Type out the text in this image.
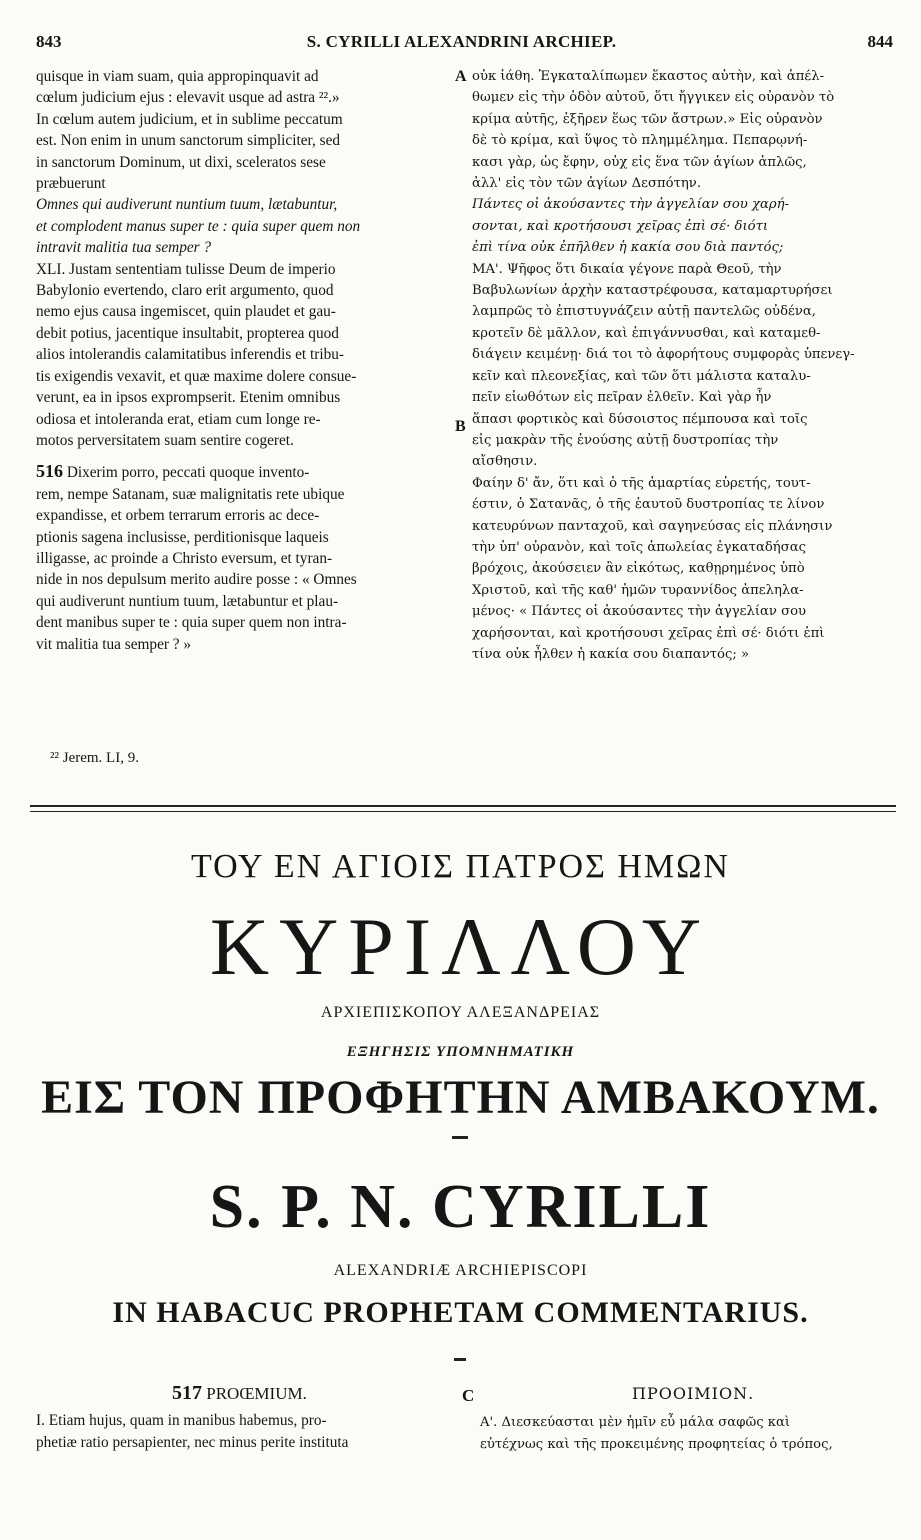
843	S. CYRILLI ALEXANDRINI ARCHIEP.	844
quisque in viam suam, quia appropinquavit ad
cœlum judicium ejus : elevavit usque ad astra ²².»
In cœlum autem judicium, et in sublime peccatum
est. Non enim in unum sanctorum simpliciter, sed
in sanctorum Dominum, ut dixi, sceleratos sese
præbuerunt
Omnes qui audiverunt nuntium tuum, lætabuntur,
et complodent manus super te : quia super quem non
intravit malitia tua semper ?
XLI. Justam sententiam tulisse Deum de imperio
Babylonio evertendo, claro erit argumento, quod
nemo ejus causa ingemiscet, quin plaudet et gau-
debit potius, jacentique insultabit, propterea quod
alios intolerandis calamitatibus inferendis et tribu-
tis exigendis vexavit, et quæ maxime dolere consue-
verunt, ea in ipsos exprompserit. Etenim omnibus
odiosa et intoleranda erat, etiam cum longe re-
motos perversitatem suam sentire cogeret.
516 Dixerim porro, peccati quoque invento-
rem, nempe Satanam, suæ malignitatis rete ubique
expandisse, et orbem terrarum erroris ac dece-
ptionis sagena inclusisse, perditionisque laqueis
illigasse, ac proinde a Christo eversum, et tyran-
nide in nos depulsum merito audire posse : « Omnes
qui audiverunt nuntium tuum, lætabuntur et plau-
dent manibus super te : quia super quem non intra-
vit malitia tua semper ? »
A
B
οὐκ ἰάθη. Ἐγκαταλίπωμεν ἕκαστος αὐτὴν, καὶ ἀπέλ-
θωμεν εἰς τὴν ὁδὸν αὐτοῦ, ὅτι ἤγγικεν εἰς οὐρανὸν τὸ
κρίμα αὐτῆς, ἐξῆρεν ἕως τῶν ἄστρων.» Εἰς οὐρανὸν
δὲ τὸ κρίμα, καὶ ὕψος τὸ πλημμέλημα. Πεπαρῳνή-
κασι γὰρ, ὡς ἔφην, οὐχ εἰς ἕνα τῶν ἁγίων ἁπλῶς,
ἀλλ' εἰς τὸν τῶν ἁγίων Δεσπότην.
Πάντες οἱ ἀκούσαντες τὴν ἀγγελίαν σου χαρή-
σονται, καὶ κροτήσουσι χεῖρας ἐπὶ σέ· διότι
ἐπὶ τίνα οὐκ ἐπῆλθεν ἡ κακία σου διὰ παντός;
ΜΑ'. Ψῆφος ὅτι δικαία γέγονε παρὰ Θεοῦ, τὴν
Βαβυλωνίων ἀρχὴν καταστρέφουσα, καταμαρτυρήσει
λαμπρῶς τὸ ἐπιστυγνάζειν αὐτῇ παντελῶς οὐδένα,
κροτεῖν δὲ μᾶλλον, καὶ ἐπιγάννυσθαι, καὶ καταμεθ-
διάγειν κειμένῃ· διά τοι τὸ ἀφορήτους συμφορὰς ὑπενεγ-
κεῖν καὶ πλεονεξίας, καὶ τῶν ὅτι μάλιστα καταλυ-
πεῖν εἰωθότων εἰς πεῖραν ἐλθεῖν. Καὶ γὰρ ἦν
ἅπασι φορτικὸς καὶ δύσοιστος πέμπουσα καὶ τοῖς
εἰς μακρὰν τῆς ἐνούσης αὐτῇ δυστροπίας τὴν
αἴσθησιν.
Φαίην δ' ἄν, ὅτι καὶ ὁ τῆς ἁμαρτίας εὑρετής, τουτ-
έστιν, ὁ Σατανᾶς, ὁ τῆς ἑαυτοῦ δυστροπίας τε λίνον
κατευρύνων πανταχοῦ, καὶ σαγηνεύσας εἰς πλάνησιν
τὴν ὑπ' οὐρανὸν, καὶ τοῖς ἀπωλείας ἐγκαταδήσας
βρόχοις, ἀκούσειεν ἂν εἰκότως, καθῃρημένος ὑπὸ
Χριστοῦ, καὶ τῆς καθ' ἡμῶν τυραννίδος ἀπεληλα-
μένος· « Πάντες οἱ ἀκούσαντες τὴν ἀγγελίαν σου
χαρήσονται, καὶ κροτήσουσι χεῖρας ἐπὶ σέ· διότι ἐπὶ
τίνα οὐκ ἦλθεν ἡ κακία σου διαπαντός; »
²² Jerem. LI, 9.
ΤΟΥ ΕΝ ΑΓΙΟΙΣ ΠΑΤΡΟΣ ΗΜΩΝ
ΚΥΡΙΛΛΟΥ
ΑΡΧΙΕΠΙΣΚΟΠΟΥ ΑΛΕΞΑΝΔΡΕΙΑΣ
ΕΞΗΓΗΣΙΣ ΥΠΟΜΝΗΜΑΤΙΚΗ
ΕΙΣ ΤΟΝ ΠΡΟΦΗΤΗΝ ΑΜΒΑΚΟΥΜ.
S. P. N. CYRILLI
ALEXANDRIÆ ARCHIEPISCOPI
IN HABACUC PROPHETAM COMMENTARIUS.
517 PROŒMIUM.	C	ΠΡΟΟΙΜΙΟΝ.
I. Etiam hujus, quam in manibus habemus, pro-
phetiæ ratio persapienter, nec minus perite instituta
Α'. Διεσκεύασται μὲν ἡμῖν εὖ μάλα σαφῶς καὶ
εὐτέχνως καὶ τῆς προκειμένης προφητείας ὁ τρόπος,
